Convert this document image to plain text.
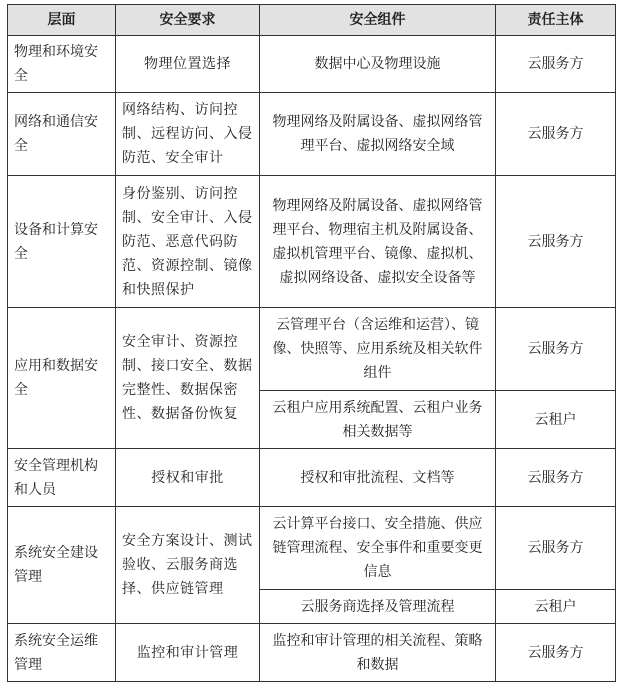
层面	安全要求	安全组件	责任主体
物理和环境安全	物理位置选择	数据中心及物理设施	云服务方
网络和通信安全	网络结构、访问控制、远程访问、入侵防范、安全审计	物理网络及附属设备、虚拟网络管理平台、虚拟网络安全域	云服务方
设备和计算安全	身份鉴别、访问控制、安全审计、入侵防范、恶意代码防范、资源控制、镜像和快照保护	物理网络及附属设备、虚拟网络管理平台、物理宿主机及附属设备、虚拟机管理平台、镜像、虚拟机、虚拟网络设备、虚拟安全设备等	云服务方
应用和数据安全	安全审计、资源控制、接口安全、数据完整性、数据保密性、数据备份恢复	云管理平台（含运维和运营）、镜像、快照等、应用系统及相关软件组件	云服务方
		云租户应用系统配置、云租户业务相关数据等	云租户
安全管理机构和人员	授权和审批	授权和审批流程、文档等	云服务方
系统安全建设管理	安全方案设计、测试验收、云服务商选择、供应链管理	云计算平台接口、安全措施、供应链管理流程、安全事件和重要变更信息	云服务方
		云服务商选择及管理流程	云租户
系统安全运维管理	监控和审计管理	监控和审计管理的相关流程、策略和数据	云服务方
